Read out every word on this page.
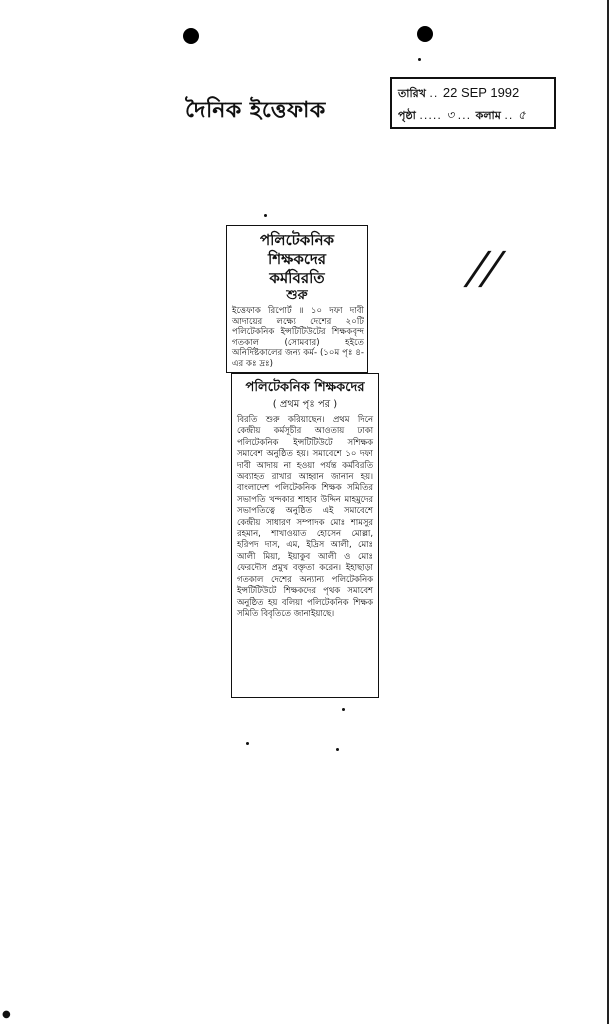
দৈনিক ইত্তেফাক
তারিখ .. 22 SEP 1992
পৃষ্ঠা ..... ৩ ... কলাম .. ৫
//
পলিটেকনিক
শিক্ষকদের
কর্মবিরতি
শুরু
ইত্তেফাক রিপোর্ট ॥ ১০ দফা দাবী আদায়ের লক্ষ্যে দেশের ২০টি পলিটেকনিক ইন্সটিটিউটের শিক্ষকবৃন্দ গতকাল (সোমবার) হইতে অনির্দিষ্টকালের জন্য কর্ম- (১০ম পৃঃ ৪-এর কঃ দ্রঃ)
পলিটেকনিক শিক্ষকদের
( প্রথম পৃঃ পর )
বিরতি শুরু করিয়াছেন। প্রথম দিনে কেন্দ্রীয় কর্মসূচীর আওতায় ঢাকা পলিটেকনিক ইন্সটিটিউটে সশিক্ষক সমাবেশ অনুষ্ঠিত হয়। সমাবেশে ১০ দফা দাবী আদায় না হওয়া পর্যন্ত কর্মবিরতি অব্যাহত রাখার আহ্বান জানান হয়। বাংলাদেশ পলিটেকনিক শিক্ষক সমিতির সভাপতি খন্দকার শাহাব উদ্দিন মাহমুদের সভাপতিত্বে অনুষ্ঠিত এই সমাবেশে কেন্দ্রীয় সাধারণ সম্পাদক মোঃ শামসুর রহমান, শাখাওয়াত হোসেন মোল্লা, হরিপদ দাস, এম, ইদ্রিস আলী, মোঃ আলী মিয়া, ইয়াকুব আলী ও মোঃ ফেরদৌস প্রমুখ বক্তৃতা করেন। ইহাছাড়া গতকাল দেশের অন্যান্য পলিটেকনিক ইন্সটিটিউটে শিক্ষকদের পৃথক সমাবেশ অনুষ্ঠিত হয় বলিয়া পলিটেকনিক শিক্ষক সমিতি বিবৃতিতে জানাইয়াছে।
●
